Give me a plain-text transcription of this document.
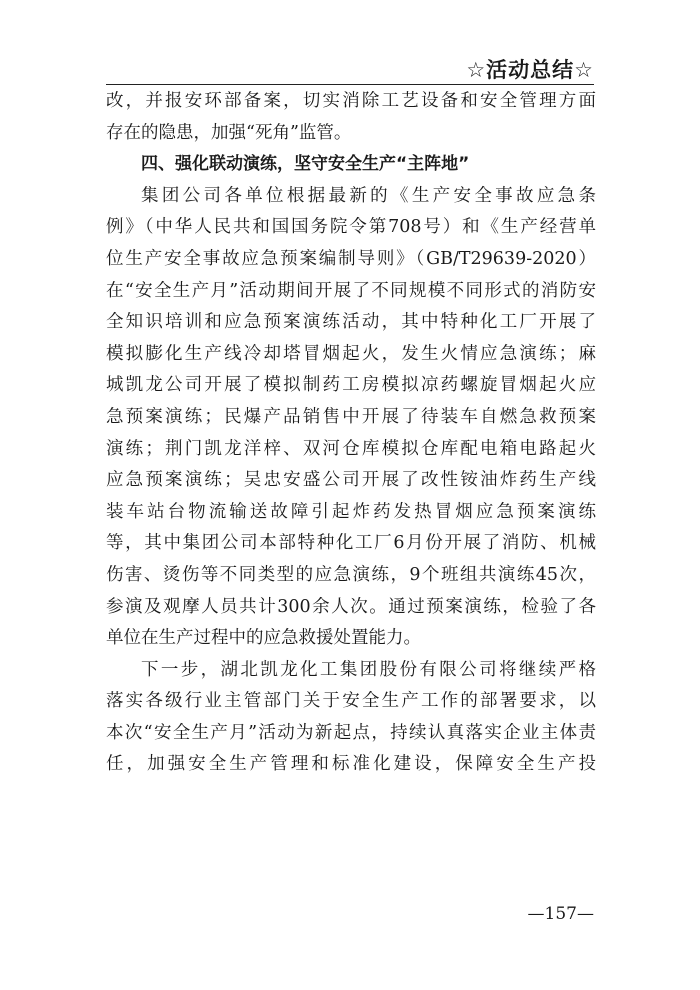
☆活动总结☆
改，并报安环部备案，切实消除工艺设备和安全管理方面
存在的隐患，加强“死角”监管。
四、强化联动演练，坚守安全生产“主阵地”
集团公司各单位根据最新的《生产安全事故应急条
例》（中华人民共和国国务院令第708号）和《生产经营单
位生产安全事故应急预案编制导则》（GB/T29639-2020）
在“安全生产月”活动期间开展了不同规模不同形式的消防安
全知识培训和应急预案演练活动，其中特种化工厂开展了
模拟膨化生产线冷却塔冒烟起火，发生火情应急演练；麻
城凯龙公司开展了模拟制药工房模拟凉药螺旋冒烟起火应
急预案演练；民爆产品销售中开展了待装车自燃急救预案
演练；荆门凯龙洋梓、双河仓库模拟仓库配电箱电路起火
应急预案演练；吴忠安盛公司开展了改性铵油炸药生产线
装车站台物流输送故障引起炸药发热冒烟应急预案演练
等，其中集团公司本部特种化工厂6月份开展了消防、机械
伤害、烫伤等不同类型的应急演练，9个班组共演练45次，
参演及观摩人员共计300余人次。通过预案演练，检验了各
单位在生产过程中的应急救援处置能力。
下一步，湖北凯龙化工集团股份有限公司将继续严格
落实各级行业主管部门关于安全生产工作的部署要求，以
本次“安全生产月”活动为新起点，持续认真落实企业主体责
任，加强安全生产管理和标准化建设，保障安全生产投
—157—
